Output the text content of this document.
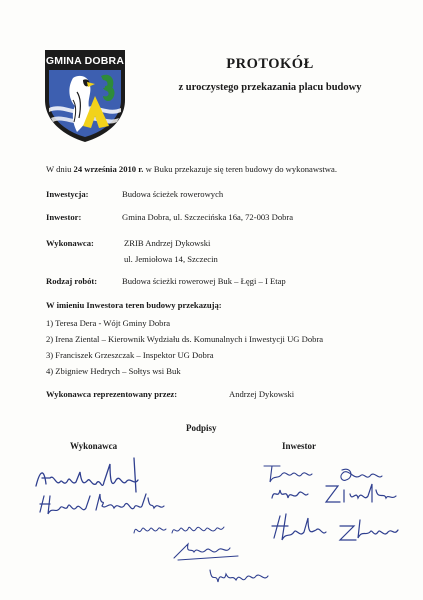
GMINA DOBRA	PROTOKÓŁ
z uroczystego przekazania placu budowy
W dniu 24 września 2010 r. w Buku przekazuje się teren budowy do wykonawstwa.
Inwestycja:	Budowa ścieżek rowerowych
Inwestor:	Gmina Dobra, ul. Szczecińska 16a, 72-003 Dobra
Wykonawca:	ZRIB Andrzej Dykowski
ul. Jemiołowa 14, Szczecin
Rodzaj robót:	Budowa ścieżki rowerowej Buk – Łęgi – I Etap
W imieniu Inwestora teren budowy przekazują:
1) Teresa Dera - Wójt Gminy Dobra
2) Irena Ziental – Kierownik Wydziału ds. Komunalnych i Inwestycji UG Dobra
3) Franciszek Grzeszczak – Inspektor UG Dobra
4) Zbigniew Hedrych – Sołtys wsi Buk
Wykonawca reprezentowany przez:	Andrzej Dykowski
Podpisy
Wykonawca	Inwestor
